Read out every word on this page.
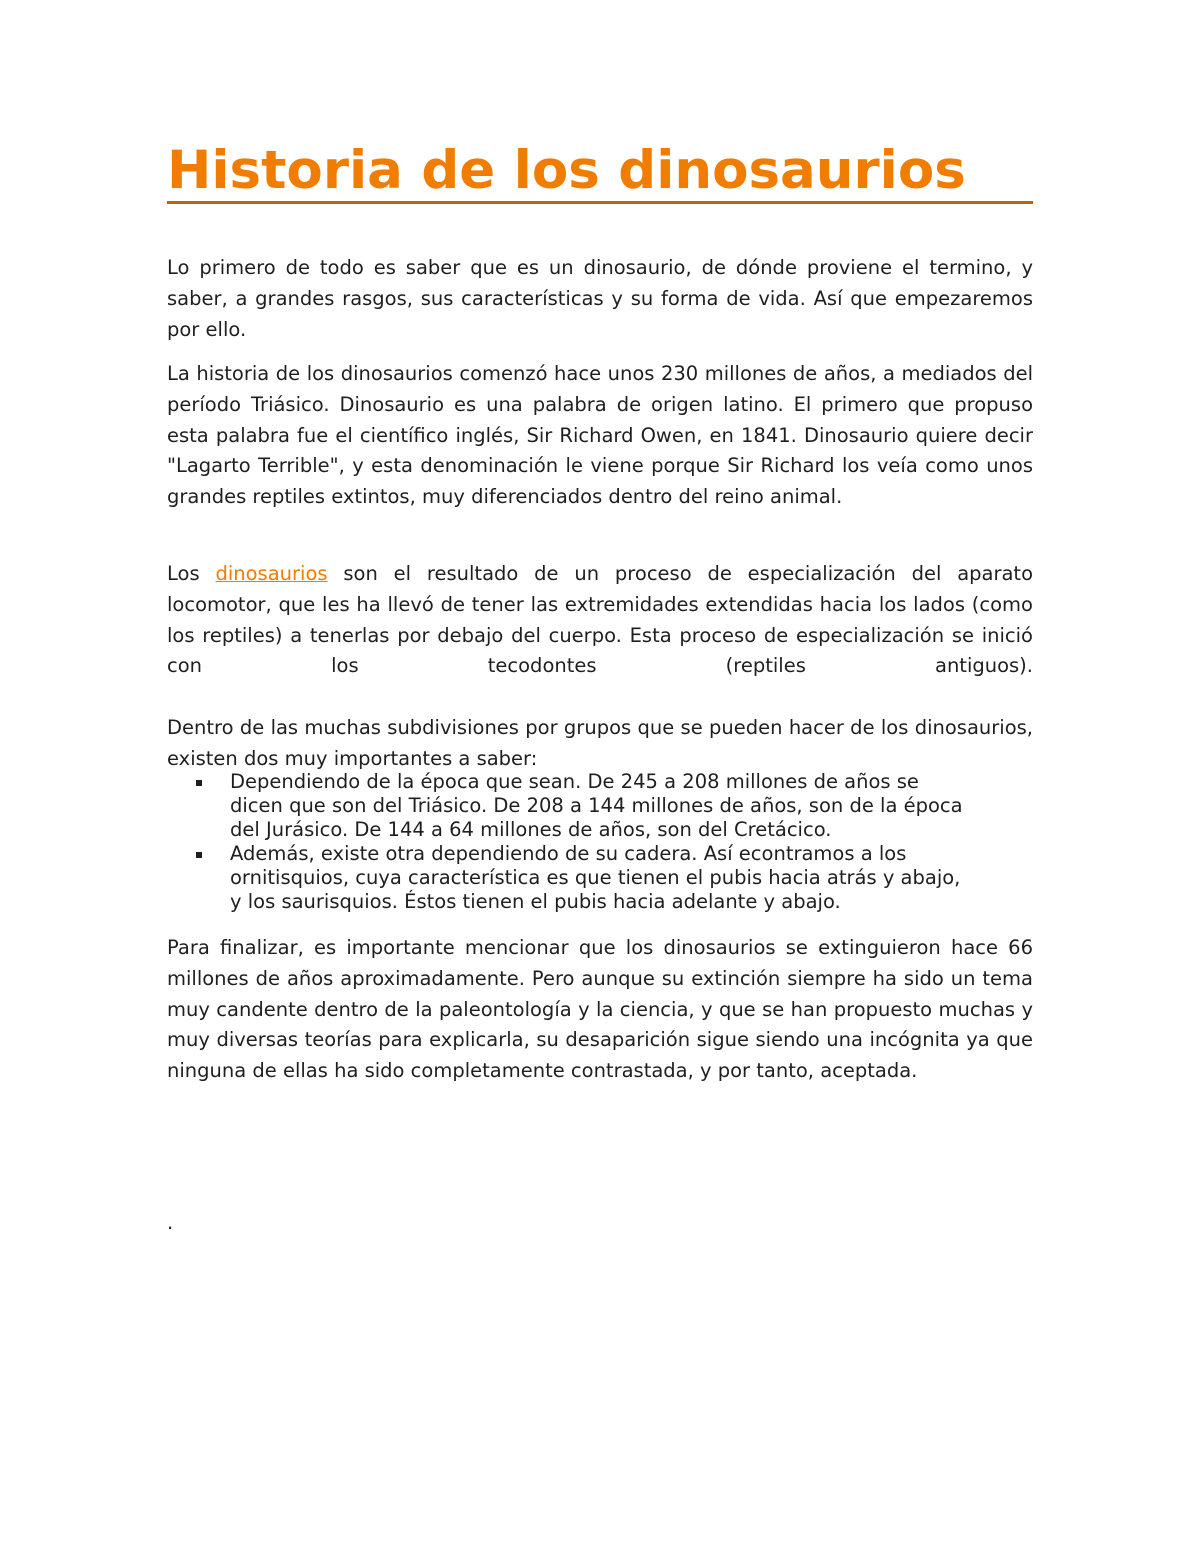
Historia de los dinosaurios

Lo primero de todo es saber que es un dinosaurio, de dónde proviene el termino, y saber, a grandes rasgos, sus características y su forma de vida. Así que empezaremos por ello.

La historia de los dinosaurios comenzó hace unos 230 millones de años, a mediados del período Triásico. Dinosaurio es una palabra de origen latino. El primero que propuso esta palabra fue el científico inglés, Sir Richard Owen, en 1841. Dinosaurio quiere decir "Lagarto Terrible", y esta denominación le viene porque Sir Richard los veía como unos grandes reptiles extintos, muy diferenciados dentro del reino animal.

Los dinosaurios son el resultado de un proceso de especialización del aparato locomotor, que les ha llevó de tener las extremidades extendidas hacia los lados (como los reptiles) a tenerlas por debajo del cuerpo. Esta proceso de especialización se inició con los tecodontes (reptiles antiguos).

Dentro de las muchas subdivisiones por grupos que se pueden hacer de los dinosaurios, existen dos muy importantes a saber:

Dependiendo de la época que sean. De 245 a 208 millones de años se dicen que son del Triásico. De 208 a 144 millones de años, son de la época del Jurásico. De 144 a 64 millones de años, son del Cretácico.
Además, existe otra dependiendo de su cadera. Así econtramos a los ornitisquios, cuya característica es que tienen el pubis hacia atrás y abajo, y los saurisquios. Éstos tienen el pubis hacia adelante y abajo.

Para finalizar, es importante mencionar que los dinosaurios se extinguieron hace 66 millones de años aproximadamente. Pero aunque su extinción siempre ha sido un tema muy candente dentro de la paleontología y la ciencia, y que se han propuesto muchas y muy diversas teorías para explicarla, su desaparición sigue siendo una incógnita ya que ninguna de ellas ha sido completamente contrastada, y por tanto, aceptada.

.
